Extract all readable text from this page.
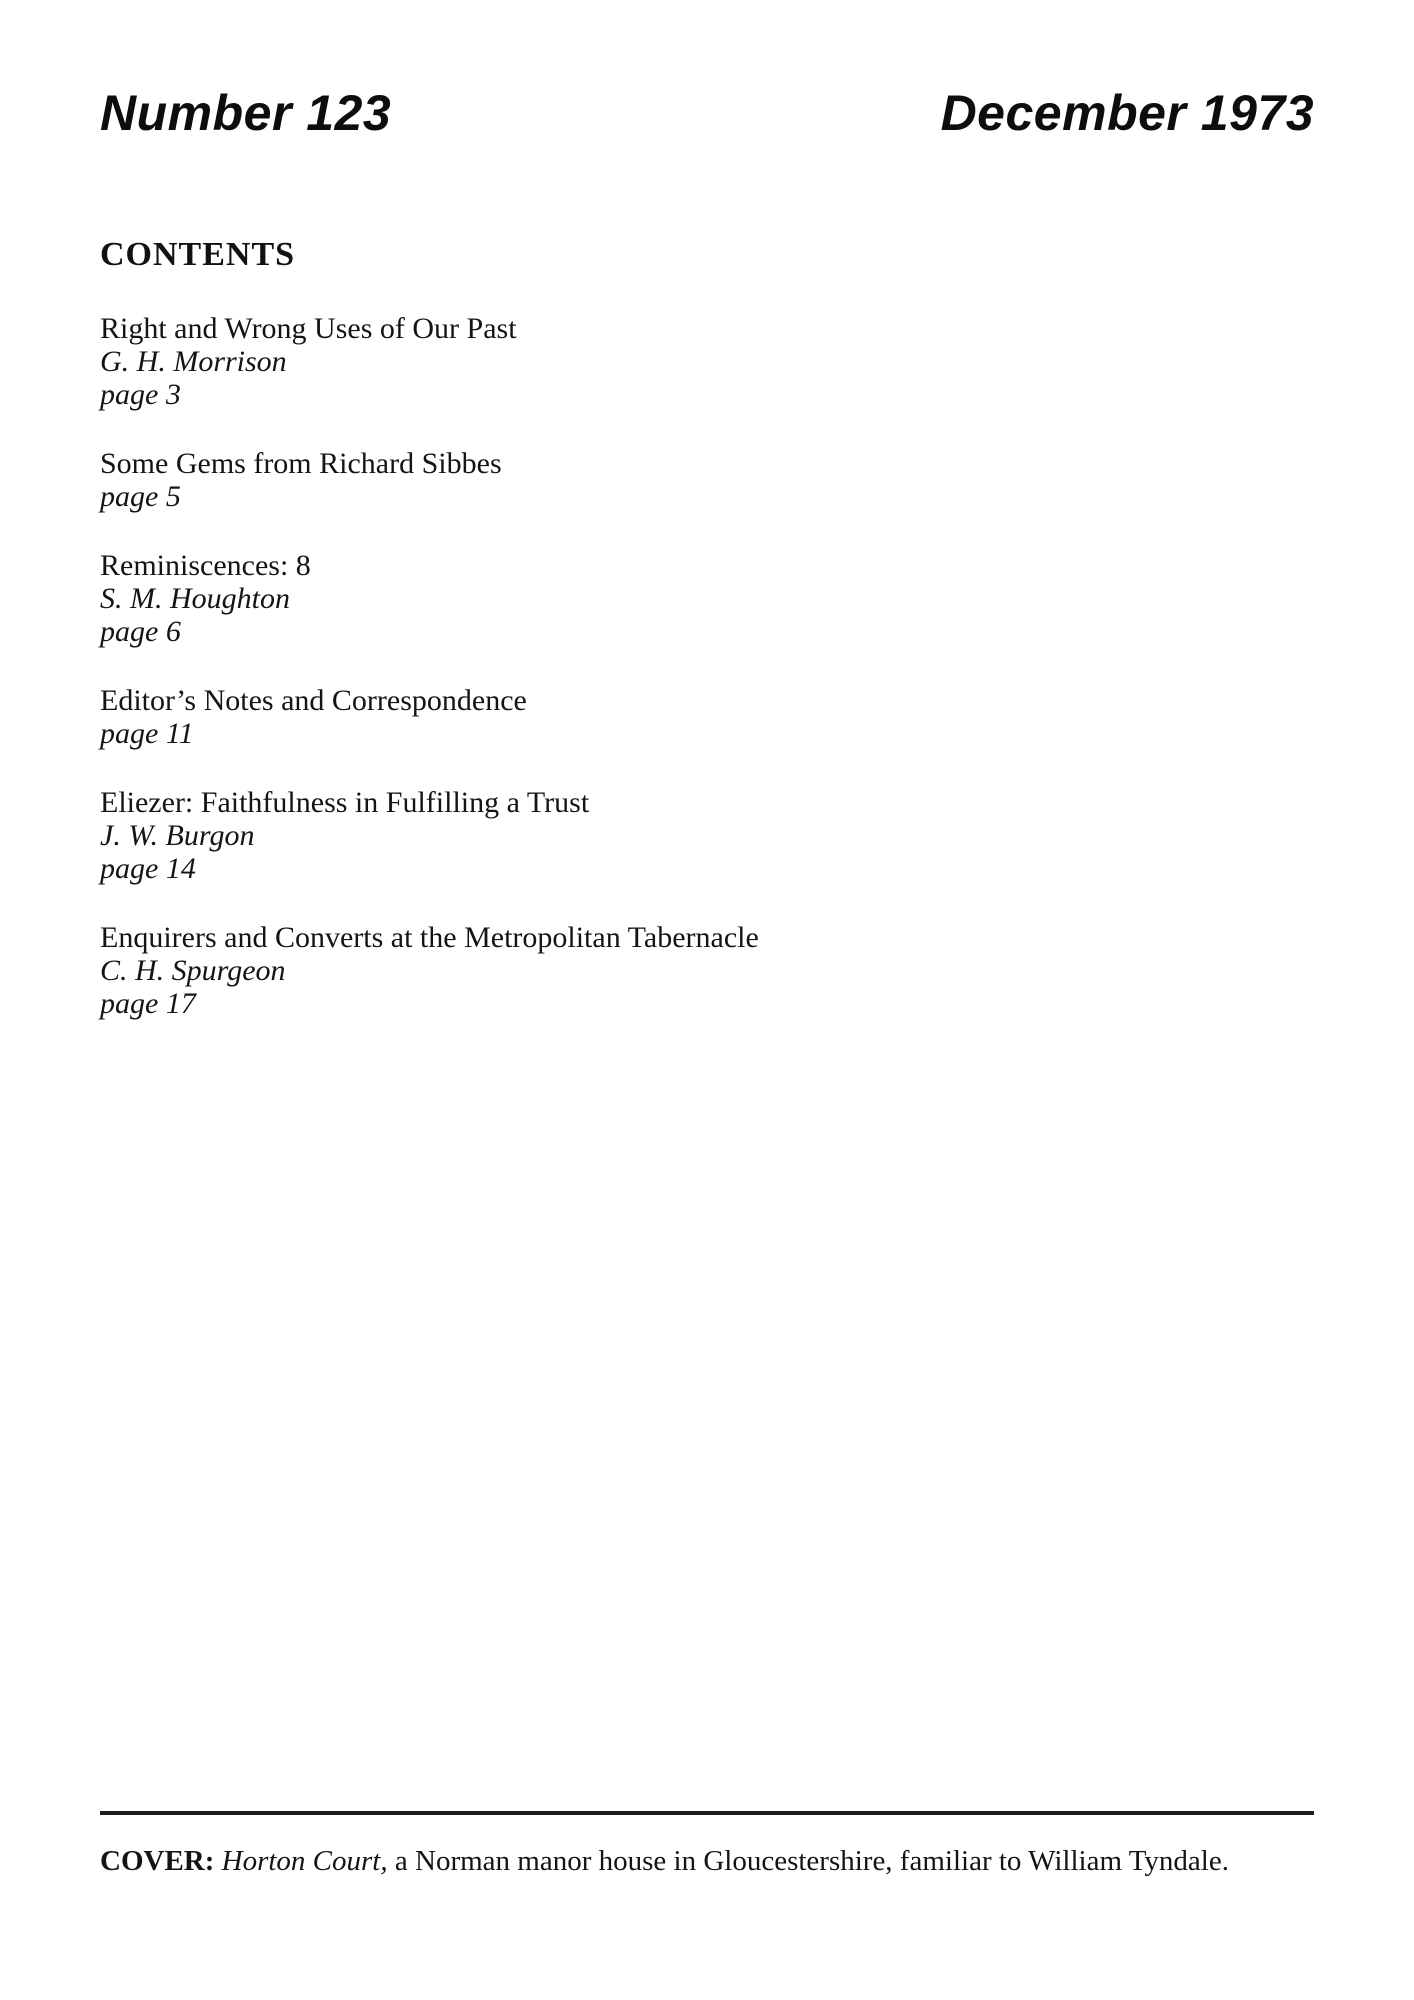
Number 123	December 1973
CONTENTS
Right and Wrong Uses of Our Past
G. H. Morrison
page 3
Some Gems from Richard Sibbes
page 5
Reminiscences: 8
S. M. Houghton
page 6
Editor’s Notes and Correspondence
page 11
Eliezer: Faithfulness in Fulfilling a Trust
J. W. Burgon
page 14
Enquirers and Converts at the Metropolitan Tabernacle
C. H. Spurgeon
page 17
COVER: Horton Court, a Norman manor house in Gloucestershire, familiar to William Tyndale.
